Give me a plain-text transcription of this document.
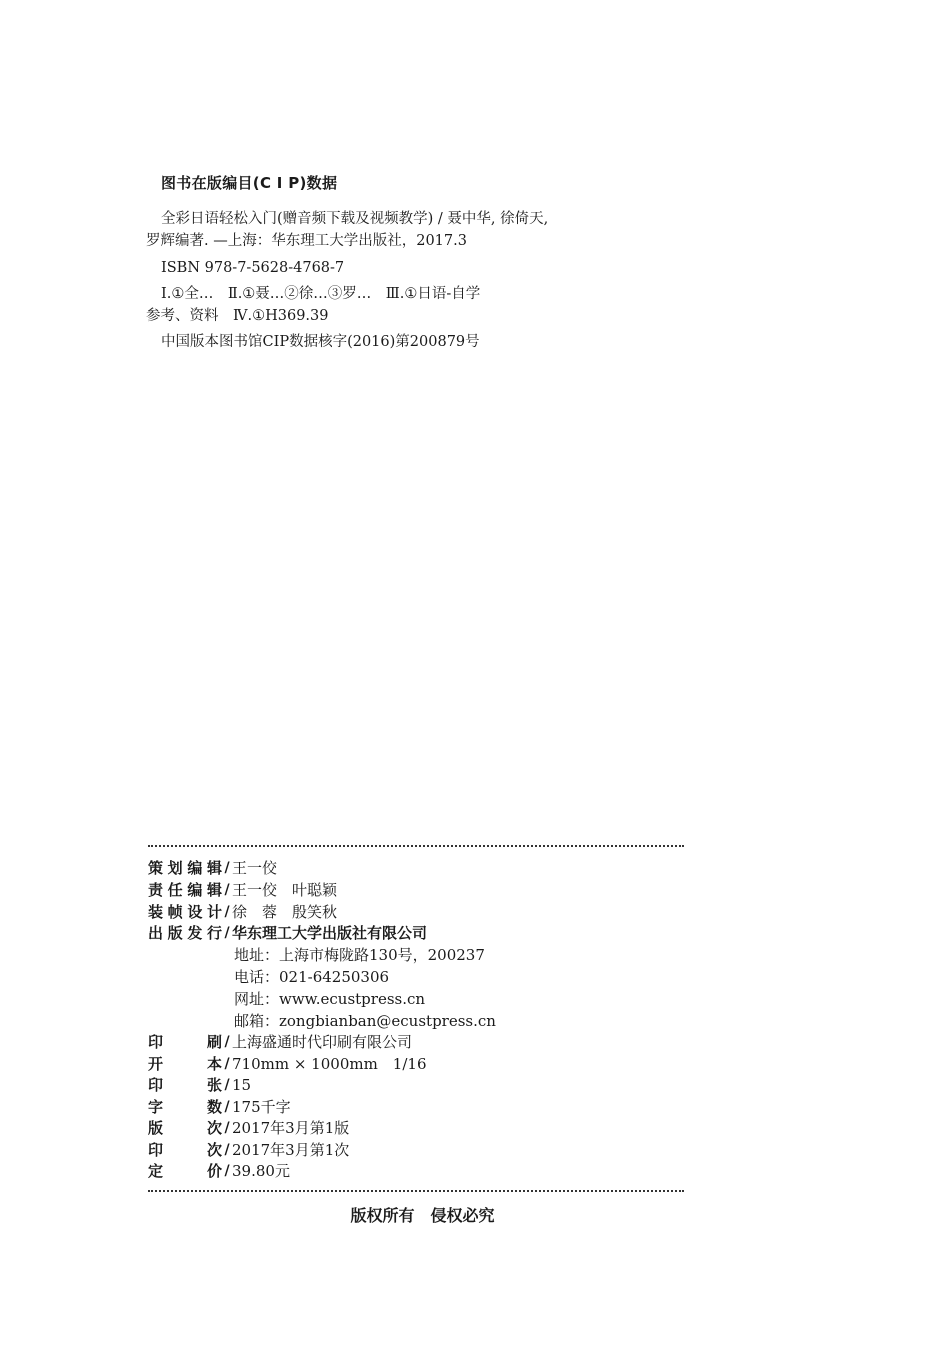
图书在版编目(C I P)数据
全彩日语轻松入门(赠音频下载及视频教学) / 聂中华, 徐倚天,
罗辉编著. —上海：华东理工大学出版社，2017.3
ISBN 978-7-5628-4768-7
Ⅰ.①全…　Ⅱ.①聂…②徐…③罗…　Ⅲ.①日语-自学
参考、资料　Ⅳ.①H369.39
中国版本图书馆CIP数据核字(2016)第200879号
策划编辑 / 王一佼
责任编辑 / 王一佼　叶聪颖
装帧设计 / 徐　蓉　殷笑秋
出版发行 / 华东理工大学出版社有限公司
地址：上海市梅陇路130号，200237
电话：021-64250306
网址：www.ecustpress.cn
邮箱：zongbianban@ecustpress.cn
印刷 / 上海盛通时代印刷有限公司
开本 / 710mm × 1000mm　1/16
印张 / 15
字数 / 175千字
版次 / 2017年3月第1版
印次 / 2017年3月第1次
定价 / 39.80元
版权所有　侵权必究
